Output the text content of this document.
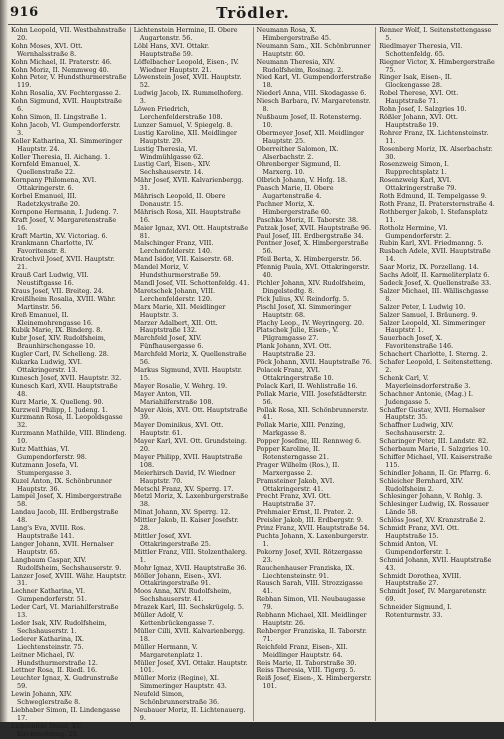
916	Trödler.

Kohn Leopold, VII. Westbahnstraße 20.

Kohn Moses, XVI. Ott. Wernhalsstraße 8.

Kohn Michael, II. Praterstr. 46.

Kohn Moriz, II. Nemmweg 40.

Kohn Peter, V. Hundsthurmerstraße 119.

Kohn Rosalia, XV. Fechtergasse 2.

Kohn Sigmund, XVII. Hauptstraße 6.

Kohn Simon, II. Lingstraße 1.

Kohn Jacob, VI. Gumpendorferstr. 3.

Koller Katharina, XI. Simmeringer Hauptstr. 24.

Koller Theresia, II. Aichang. 1.

Kornfeld Emanuel, X. Quellenstraße 22.

Kornpany Philomena, XVI. Ottakringerstr. 6.

Korbel Emanuel, III. Radetzkystraße 20.

Kornpone Hermann, I. Judeng. 7.

Kraft Josef, V. Margaretenstraße 16.

Kraft Martin, XV. Victoriag. 6.

Krankmann Charlotte, IV. Favoritenstr. 8.

Kratochvil Josef, XVII. Hauptstr. 21.

Krauß Carl Ludwig, VII. Neustiftgasse 16.

Kraus Josef, VII. Breiteg. 24.

Kreißlheim Rosalia, XVIII. Währ. Martinstr. 56.

Kreß Emanuel, II. Kleinemohrengasse 16.

Kubik Marie, IX. Binderg. 8.

Kubr Josef, XIV. Rudolfsheim, Braunhirschengasse 10.

Kugler Carl, IV. Schelleng. 28.

Kukarka Ludwig, XVI. Ottakringerstr. 13.

Kunesch Josef, XVII. Hauptstr. 32.

Kunesch Karl, XVII. Hauptstraße 48.

Kurz Marie, X. Quelleng. 90.

Kurzweil Philipp, I. Judeng. 1.

Kurzmann Rosa, II. Leopoldsgasse 32.

Kurzmann Mathilde, VIII. Blindeng. 10.

Kutz Matthias, VI. Gumpendorferstr. 98.

Kutzmann Josefa, VI. Stumpergasse 3.

Kuzel Anton, IX. Schönbrunner Hauptstr. 36.

Lampel Josef, X. Himbergerstraße 58.

Landau Jacob, III. Erdbergstraße 48.

Lang's Eva, XVIII. Ros. Hauptstraße 141.

Langer Johann, XVII. Hernalser Hauptstr. 65.

Langbaum Caspar, XIV. Rudolfsheim, Sechshauserstr. 9.

Lanzer Josef, XVIII. Währ. Hauptstr. 31.

Lechner Katharina, VI. Gumpendorferstr. 51.

Leder Carl, VI. Mariahilferstraße 13.

Leder Isak, XIV. Rudolfsheim, Sechshauserstr. 1.

Lederer Katharina, IX. Liechtensteinstr. 75.

Leitner Michael, IV. Hundsthurmerstraße 12.

Lettner Rosa, II. Riedl. 16.

Leuchter Ignaz, X. Gudrunstraße 59.

Lewin Johann, XIV. Schweglerstraße 8.

Liebhaber Simon, II. Lindengasse 17.

Lichtenfels David, XV. Kirchstetterng. 29.

Lichtenstein Hermine, II. Obere Augartenstr. 56.

Löbl Hans, XVI. Ottakr. Hauptstraße 59.

Löffelbacher Leopold, Eisen-, IV. Wiedner Hauptstr. 21.

Löwenstein Josef, XVII. Hauptstr. 52.

Ludwig Jacob, IX. Rummelhoferg. 3.

Löwen Friedrich, Lerchenfelderstraße 108.

Lunzer Samuel, V. Spiegelg. 8.

Lustig Karoline, XII. Meidlinger Hauptstr. 29.

Lustig Theresia, VI. Windmühlgasse 62.

Lustig Carl, Eisen-, XIV. Sechshauserstr. 14.

Mähr Josef, XVII. Kalvarienbergg. 31.

Mährisch Leopold, II. Obere Donaustr. 15.

Mährisch Rosa, XII. Hauptstraße 16.

Maier Ignaz, XVI. Ott. Hauptstraße 81.

Malschinger Franz, VIII. Lerchenfelderstr. 140.

Mand Isidor, VII. Kaiserstr. 68.

Mandel Moriz, V. Hundsthurmerstraße 59.

Mandl Josef, VII. Schottenfeldg. 41.

Maretschek Johann, VIII. Lerchenfelderstr. 120.

Marx Marie, XII. Meidlinger Hauptstr. 3.

Marzer Adalbert, XII. Ott. Hauptstraße 132.

Marchfeld Josef, XIV. Fünfhausergasse 6.

Marchfeld Moriz, X. Quellenstraße 56.

Markus Sigmund, XVII. Hauptstr. 15.

Mayer Rosalie, V. Wehrg. 19.

Mayer Anton, VII. Mariahilferstraße 108.

Mayer Alois, XVI. Ott. Hauptstraße 39.

Mayer Dominikus, XVI. Ott. Hauptstr. 61.

Mayer Karl, XVI. Ott. Grundsteing. 20.

Mayer Philipp, XVII. Hauptstraße 108.

Meierhirsch David, IV. Wiedner Hauptstr. 70.

Metschl Franz, XV. Sperrg. 17.

Metzl Moriz, X. Laxenburgerstraße 38.

Minat Johann, XV. Sperrg. 12.

Mittler Jakob, II. Kaiser Josefstr. 28.

Mittler Josef, XVI. Ottakringerstraße 25.

Mittler Franz, VIII. Stolzenthalerg. 1.

Mohr Ignaz, XVII. Hauptstraße 36.

Möller Johann, Eisen-, XVI. Ottakringerstraße 91.

Moos Anna, XIV. Rudolfsheim, Sechshauserstr. 41.

Mrazek Karl, III. Sechskrügelg. 5.

Müller Adolf, V. Kettenbrückengasse 7.

Müller Cilli, XVII. Kalvarienbergg. 18.

Müller Hermann, V. Margaretenplatz 1.

Müller Josef, XVI. Ottakr. Hauptstr. 101.

Müller Moriz (Regine), XI. Simmeringer Hauptstr. 43.

Neufeld Simon, Schönbrunnerstraße 36.

Neubauer Moriz, II. Lichtenauerg. 9.

Neumann Rosa, X. Himbergerstraße 45.

Neumann Sam., XII. Schönbrunner Hauptstr. 60.

Neumann Theresia, XIV. Rudolfsheim, Rosinag. 2.

Nied Karl, VI. Gumpendorferstraße 18.

Niederl Anna, VIII. Skodagasse 6.

Niesch Barbara, IV. Margaretenstr. 8.

Nußbaum Josef, II. Rotensterng. 10.

Obermeyer Josef, XII. Meidlinger Hauptstr. 25.

Oberreither Salomon, IX. Alserbachstr. 2.

Ohrenberger Sigmund, II. Marxerg. 10.

Olbrich Johann, V. Hofg. 18.

Paasch Marie, II. Obere Augartenstraße 4.

Pachner Moriz, X. Himbergerstraße 60.

Paschka Moriz, II. Taborstr. 38.

Patzak Josef, XVII. Hauptstraße 96.

Paul Josef, III. Erdbergstraße 34.

Pentner Josef, X. Himbergerstraße 56.

Pfeil Berta, X. Himbergerstr. 56.

Pfennig Paula, XVI. Ottakringerstr. 40.

Pichler Johann, XIV. Rudolfsheim, Dingelstedtg. 8.

Pick Julius, XV. Reindorfg. 5.

Pischl Josef, XI. Simmeringer Hauptstr. 68.

Plachy Leop., IV. Weyringerg. 20.

Platschek Julie, Eisen-, V. Pilgramgasse 27.

Plank Johann, XVI. Ott. Hauptstraße 23.

Pöck Johann, XVII. Hauptstraße 76.

Polacek Franz, XVI. Ottakringerstraße 10.

Polack Karl, II. Wehlistraße 16.

Pollak Marie, VIII. Josefstädterstr. 56.

Pollak Rosa, XII. Schönbrunnerstr. 41.

Pollak Marie, XIII. Penzing, Markgasse 8.

Popper Josefine, III. Rennweg 6.

Popper Karoline, II. Rotensterngasse 21.

Prager Wilhelm (Ros.), II. Marxergasse 2.

Pramsteiner Jakob, XVI. Ottakringerstr. 41.

Precht Franz, XVI. Ott. Hauptstraße 37.

Prehmaier Ernst, II. Prater. 2.

Preisler Jakob, III. Erdbergstr. 9.

Prinz Franz, XVII. Hauptstraße 54.

Puchta Johann, X. Laxenburgerstr. 1.

Pokorny Josef, XVII. Rötzergasse 23.

Rauchenhauser Franziska, IX. Liechtensteinstr. 91.

Rausch Sarah, VIII. Strozzigasse 41.

Rebhan Simon, VII. Neubaugasse 79.

Rebhann Michael, XII. Meidlinger Hauptstr. 26.

Rehberger Franziska, II. Taborstr. 71.

Reichfeld Franz, Eisen-, XII. Meidlinger Hauptstr. 64.

Reis Marie, II. Taborstraße 30.

Reiss Theresia, VIII. Tigerg. 5.

Reiß Josef, Eisen-, X. Himbergerstr. 101.

Renner Wolf, I. Seitenstettengasse 5.

Riedlmayer Theresia, VII. Schottenfeldg. 65.

Riegner Victor, X. Himbergerstraße 75.

Ringer Isak, Eisen-, II. Glockengasse 28.

Robel Therese, XVI. Ott. Hauptstraße 71.

Rohn Josef, I. Salzgries 10.

Rößler Johann, XVI. Ott. Hauptstraße 19.

Rohrer Franz, IX. Lichtensteinstr. 11.

Rosenberg Moriz, IX. Alserbachstr. 30.

Rosenzweig Simon, I. Rupprechtsplatz 1.

Rosenzweig Karl, XVI. Ottakringerstraße 79.

Roth Edmund, II. Tempelgasse 9.

Roth Franz, II. Pratersternstraße 4.

Rothberger Jakob, I. Stefansplatz 11.

Rotholz Hermine, VI. Gumpendorferstr. 2.

Rubin Karl, XVI. Friedmanng. 5.

Rusbach Adele, XVII. Hauptstraße 14.

Saar Moriz, IX. Porzellang. 14.

Sachs Adolf, II. Karmeliterplatz 6.

Sadeck Josef, X. Quellenstraße 33.

Salzer Michael, III. Wällischgasse 8.

Salzer Peter, I. Ludwig 10.

Salzer Samuel, I. Bräunerg. 9.

Salzer Leopold, XI. Simmeringer Hauptstr. 1.

Sauerbach Josef, X. Favoritenstraße 146.

Schachert Charlotte, I. Sterng. 2.

Schafer Leopold, I. Seitenstetteng. 2.

Schenk Carl, V. Mayerleinsdorferstraße 3.

Schachner Antonie, (Mag.) I. Judengasse 5.

Schaffer Gustav, XVII. Hernalser Hauptstr. 35.

Schaffner Ludwig, XIV. Sechshauserstr. 2.

Scharinger Peter, III. Landstr. 82.

Scherbaum Marie, I. Salzgries 10.

Schiffer Michael, VII. Kaiserstraße 115.

Schindler Johann, II. Gr. Pfarrg. 6.

Schleicher Bernhard, XIV. Rudolfsheim 2.

Schlesinger Johann, V. Rohlg. 3.

Schlesinger Ludwig, IX. Rossauer Lände 58.

Schlöss Josef, XV. Kranzstraße 2.

Schmidt Franz, XVI. Ott. Hauptstraße 15.

Schmid Anton, VI. Gumpendorferstr. 1.

Schmid Johann, XVII. Hauptstraße 43.

Schmidt Dorothea, XVIII. Hauptstraße 27.

Schmidt Josef, IV. Margaretenstr. 69.

Schneider Sigmund, I. Rotenturmstr. 33.
